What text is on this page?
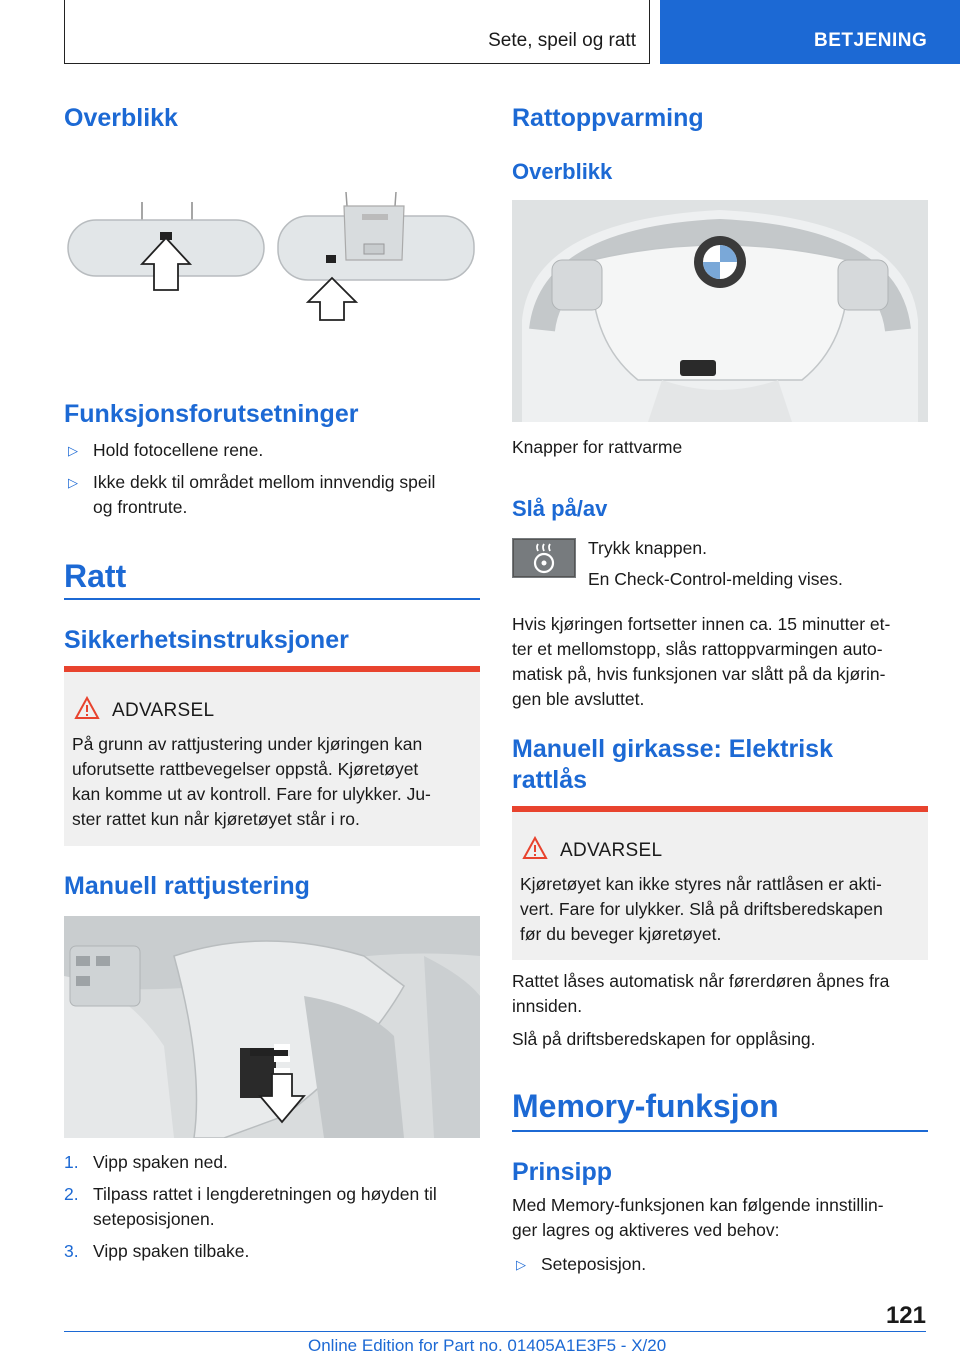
Sete, speil og ratt	BETJENING
Overblikk
Funksjonsforutsetninger
▷ Hold fotocellene rene.
▷ Ikke dekk til området mellom innvendig speil
og frontrute.
Ratt
Sikkerhetsinstruksjoner
ADVARSEL
På grunn av rattjustering under kjøringen kan
uforutsette rattbevegelser oppstå. Kjøretøyet
kan komme ut av kontroll. Fare for ulykker. Ju-
ster rattet kun når kjøretøyet står i ro.
Manuell rattjustering
1. Vipp spaken ned.
2. Tilpass rattet i lengderetningen og høyden til
seteposisjonen.
3. Vipp spaken tilbake.
Rattoppvarming
Overblikk
Knapper for rattvarme
Slå på/av
Trykk knappen.
En Check-Control-melding vises.
Hvis kjøringen fortsetter innen ca. 15 minutter et-
ter et mellomstopp, slås rattoppvarmingen auto-
matisk på, hvis funksjonen var slått på da kjørin-
gen ble avsluttet.
Manuell girkasse: Elektrisk
rattlås
ADVARSEL
Kjøretøyet kan ikke styres når rattlåsen er akti-
vert. Fare for ulykker. Slå på driftsberedskapen
før du beveger kjøretøyet.
Rattet låses automatisk når førerdøren åpnes fra
innsiden.
Slå på driftsberedskapen for opplåsing.
Memory-funksjon
Prinsipp
Med Memory-funksjonen kan følgende innstillin-
ger lagres og aktiveres ved behov:
▷ Seteposisjon.
121
Online Edition for Part no. 01405A1E3F5 - X/20
